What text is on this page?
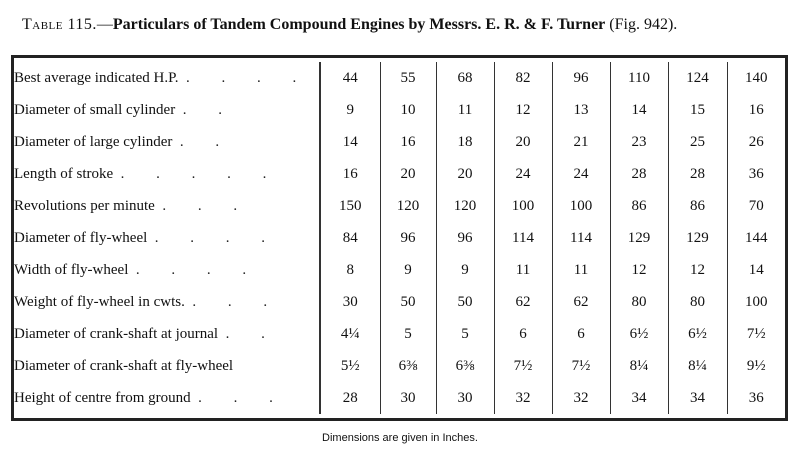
Table 115.—Particulars of Tandem Compound Engines by Messrs. E. R. & F. Turner (Fig. 942).
Best average indicated H.P. . . . .	44	55	68	82	96	110	124	140
Diameter of small cylinder . .	9	10	11	12	13	14	15	16
Diameter of large cylinder . .	14	16	18	20	21	23	25	26
Length of stroke . . . . .	16	20	20	24	24	28	28	36
Revolutions per minute . . .	150	120	120	100	100	86	86	70
Diameter of fly-wheel . . . .	84	96	96	114	114	129	129	144
Width of fly-wheel . . . .	8	9	9	11	11	12	12	14
Weight of fly-wheel in cwts. . . .	30	50	50	62	62	80	80	100
Diameter of crank-shaft at journal . .	4¼	5	5	6	6	6½	6½	7½
Diameter of crank-shaft at fly-wheel	5½	6⅜	6⅜	7½	7½	8¼	8¼	9½
Height of centre from ground . . .	28	30	30	32	32	34	34	36
Dimensions are given in Inches.
